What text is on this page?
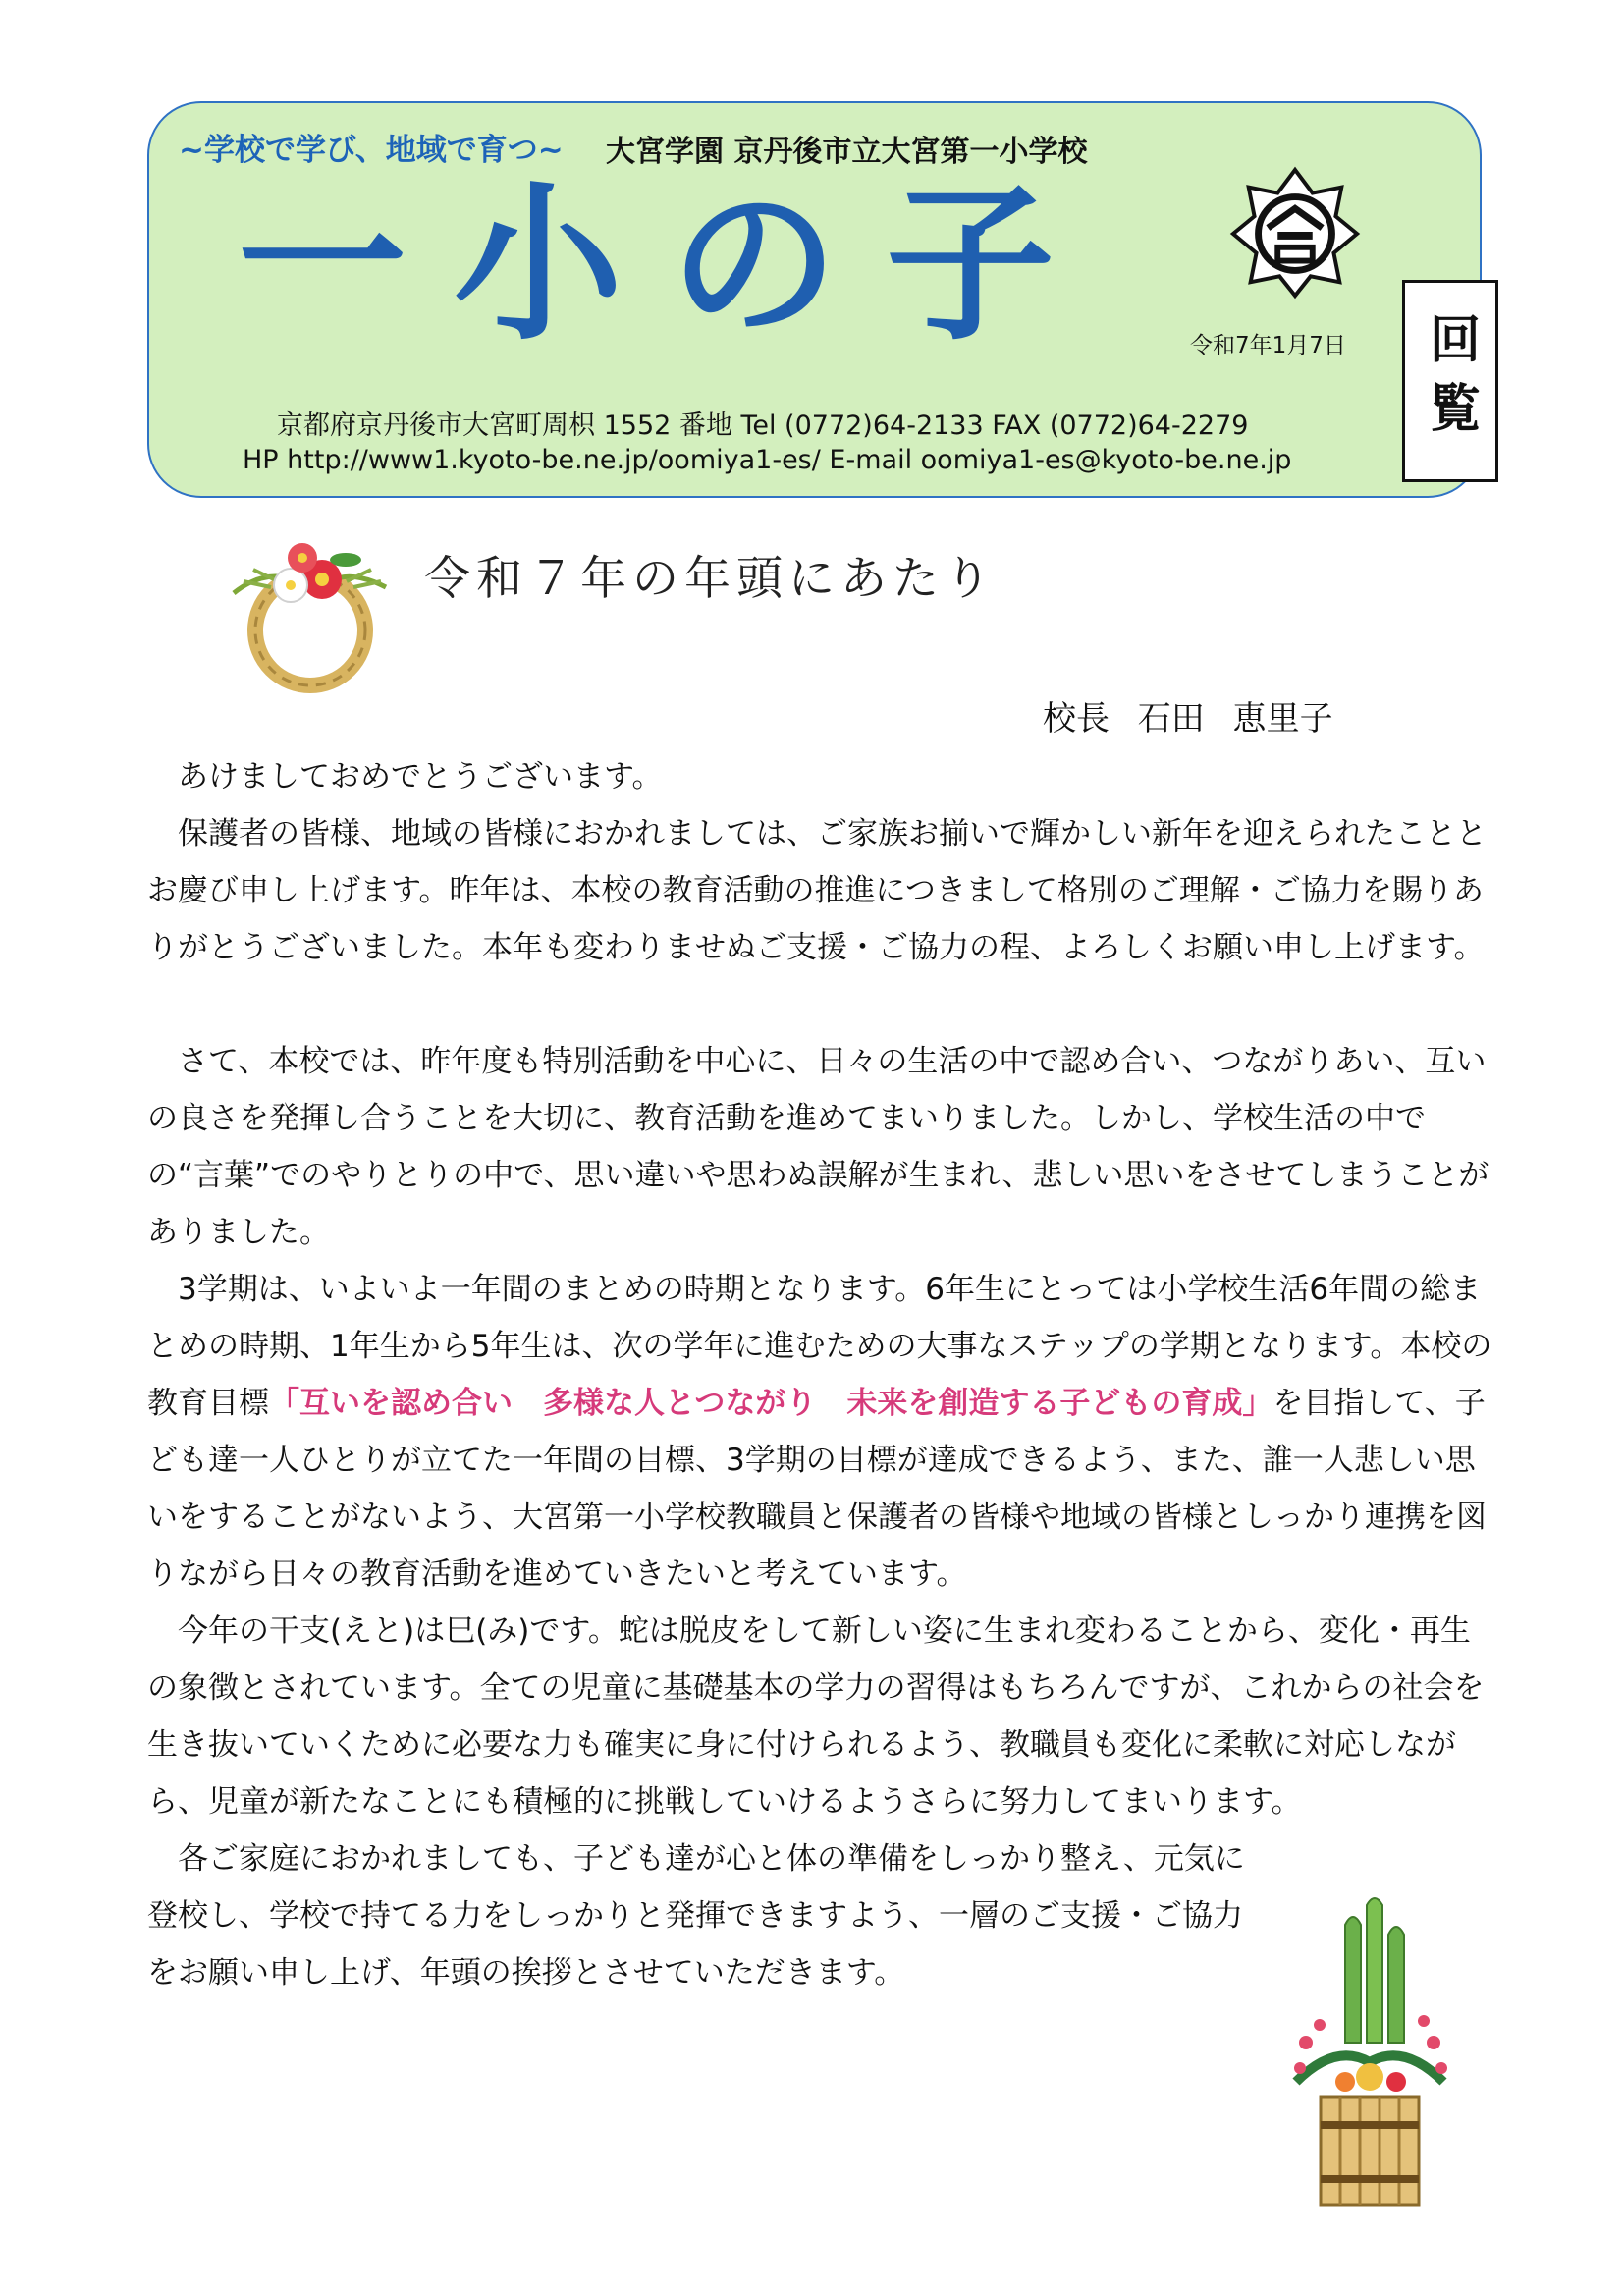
~学校で学び、地域で育つ~ 大宮学園 京丹後市立大宮第一小学校
一小の子	令和7年1月7日
京都府京丹後市大宮町周枳 1552 番地 Tel (0772)64-2133 FAX (0772)64-2279
HP http://www1.kyoto-be.ne.jp/oomiya1-es/ E-mail oomiya1-es@kyoto-be.ne.jp
回覧
令和７年の年頭にあたり
校長 石田 恵里子

あけましておめでとうございます。

保護者の皆様、地域の皆様におかれましては、ご家族お揃いで輝かしい新年を迎えられたこととお慶び申し上げます。昨年は、本校の教育活動の推進につきまして格別のご理解・ご協力を賜りありがとうございました。本年も変わりませぬご支援・ご協力の程、よろしくお願い申し上げます。

さて、本校では、昨年度も特別活動を中心に、日々の生活の中で認め合い、つながりあい、互いの良さを発揮し合うことを大切に、教育活動を進めてまいりました。しかし、学校生活の中での“言葉”でのやりとりの中で、思い違いや思わぬ誤解が生まれ、悲しい思いをさせてしまうことがありました。

3学期は、いよいよ一年間のまとめの時期となります。6年生にとっては小学校生活6年間の総まとめの時期、1年生から5年生は、次の学年に進むための大事なステップの学期となります。本校の教育目標「互いを認め合い　多様な人とつながり　未来を創造する子どもの育成」を目指して、子ども達一人ひとりが立てた一年間の目標、3学期の目標が達成できるよう、また、誰一人悲しい思いをすることがないよう、大宮第一小学校教職員と保護者の皆様や地域の皆様としっかり連携を図りながら日々の教育活動を進めていきたいと考えています。

今年の干支(えと)は巳(み)です。蛇は脱皮をして新しい姿に生まれ変わることから、変化・再生の象徴とされています。全ての児童に基礎基本の学力の習得はもちろんですが、これからの社会を生き抜いていくために必要な力も確実に身に付けられるよう、教職員も変化に柔軟に対応しながら、児童が新たなことにも積極的に挑戦していけるようさらに努力してまいります。

各ご家庭におかれましても、子ども達が心と体の準備をしっかり整え、元気に登校し、学校で持てる力をしっかりと発揮できますよう、一層のご支援・ご協力をお願い申し上げ、年頭の挨拶とさせていただきます。
